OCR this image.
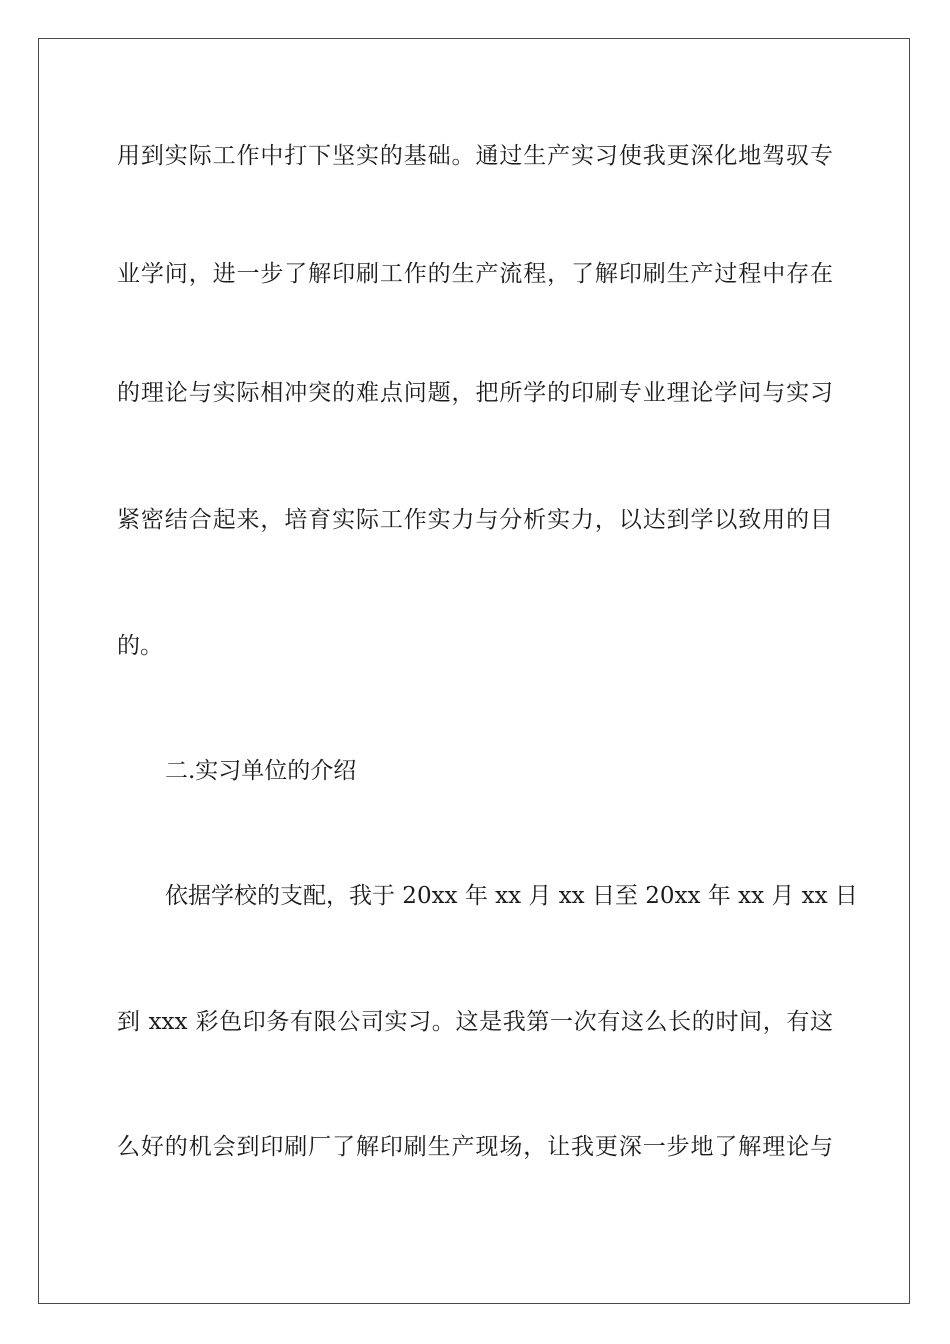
用到实际工作中打下坚实的基础。通过生产实习使我更深化地驾驭专
业学问，进一步了解印刷工作的生产流程，了解印刷生产过程中存在
的理论与实际相冲突的难点问题，把所学的印刷专业理论学问与实习
紧密结合起来，培育实际工作实力与分析实力，以达到学以致用的目
的。
二.实习单位的介绍
依据学校的支配，我于 20xx 年 xx 月 xx 日至 20xx 年 xx 月 xx 日
到 xxx 彩色印务有限公司实习。这是我第一次有这么长的时间，有这
么好的机会到印刷厂了解印刷生产现场，让我更深一步地了解理论与
